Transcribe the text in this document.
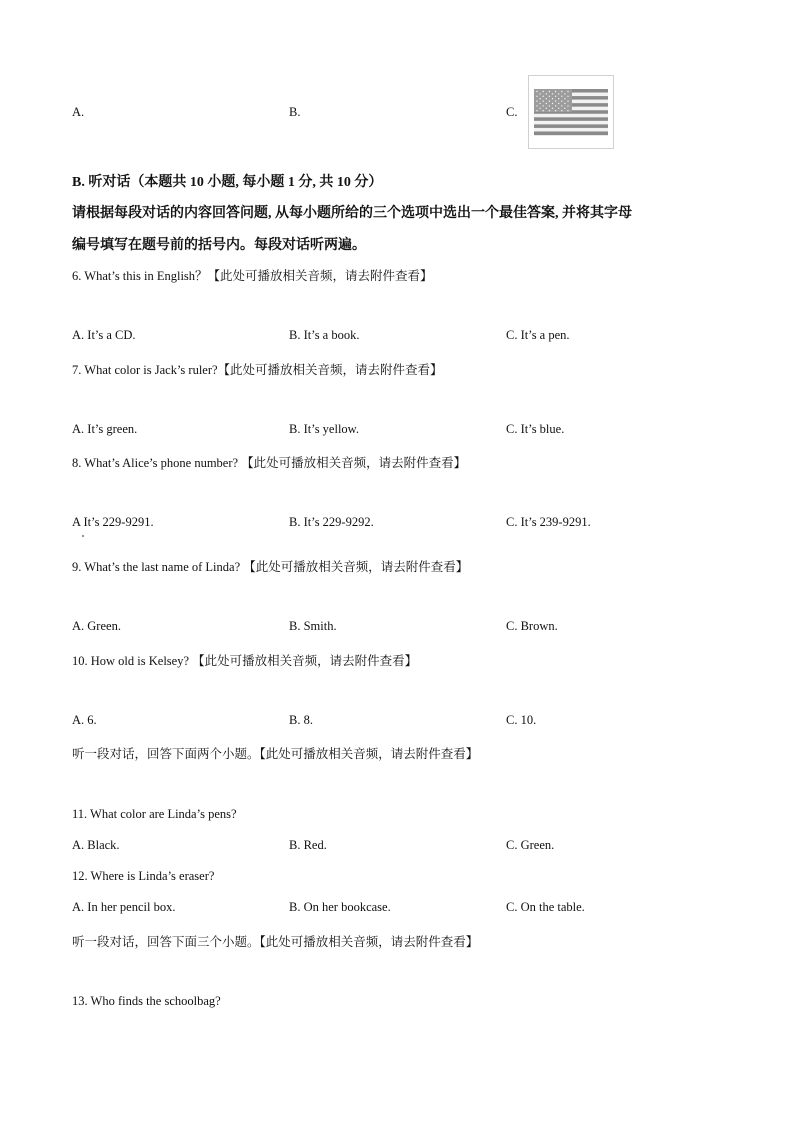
A.	B.	C.
B. 听对话（本题共 10 小题, 每小题 1 分, 共 10 分）
请根据每段对话的内容回答问题, 从每小题所给的三个选项中选出一个最佳答案, 并将其字母
编号填写在题号前的括号内。每段对话听两遍。
6. What’s this in English？【此处可播放相关音频，请去附件查看】
A. It’s a CD.	B. It’s a book.	C. It’s a pen.
7. What color is Jack’s ruler?【此处可播放相关音频，请去附件查看】
A. It’s green.	B. It’s yellow.	C. It’s blue.
8. What’s Alice’s phone number? 【此处可播放相关音频，请去附件查看】
A It’s 229-9291.	B. It’s 229-9292.	C. It’s 239-9291.
9. What’s the last name of Linda? 【此处可播放相关音频，请去附件查看】
A. Green.	B. Smith.	C. Brown.
10. How old is Kelsey? 【此处可播放相关音频，请去附件查看】
A. 6.	B. 8.	C. 10.
听一段对话，回答下面两个小题。【此处可播放相关音频，请去附件查看】
11. What color are Linda’s pens?
A. Black.	B. Red.	C. Green.
12. Where is Linda’s eraser?
A. In her pencil box.	B. On her bookcase.	C. On the table.
听一段对话，回答下面三个小题。【此处可播放相关音频，请去附件查看】
13. Who finds the schoolbag?
